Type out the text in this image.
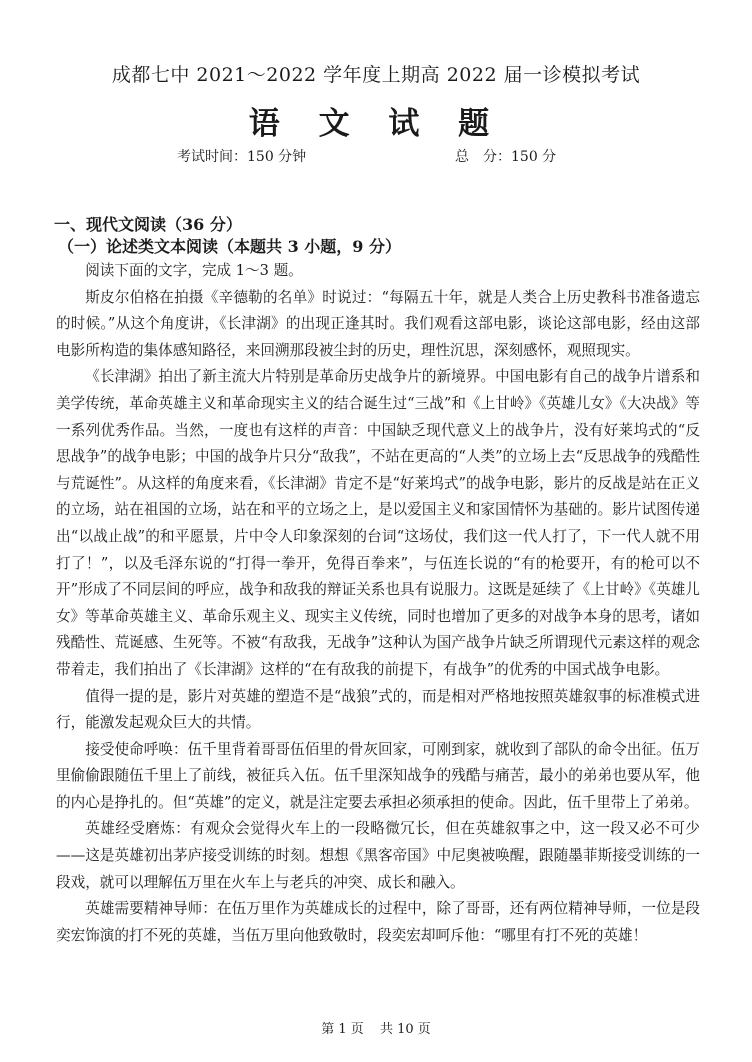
成都七中 2021～2022 学年度上期高 2022 届一诊模拟考试
语 文 试 题
考试时间：150 分钟	总　分：150 分
一、现代文阅读（36 分）
（一）论述类文本阅读（本题共 3 小题，9 分）

阅读下面的文字，完成 1～3 题。

斯皮尔伯格在拍摄《辛德勒的名单》时说过：“每隔五十年，就是人类合上历史教科书准备遗忘的时候。”从这个角度讲，《长津湖》的出现正逢其时。我们观看这部电影，谈论这部电影，经由这部电影所构造的集体感知路径，来回溯那段被尘封的历史，理性沉思，深刻感怀，观照现实。

《长津湖》拍出了新主流大片特别是革命历史战争片的新境界。中国电影有自己的战争片谱系和美学传统，革命英雄主义和革命现实主义的结合诞生过“三战”和《上甘岭》《英雄儿女》《大决战》等一系列优秀作品。当然，一度也有这样的声音：中国缺乏现代意义上的战争片，没有好莱坞式的“反思战争”的战争电影；中国的战争片只分“敌我”，不站在更高的“人类”的立场上去“反思战争的残酷性与荒诞性”。从这样的角度来看，《长津湖》肯定不是“好莱坞式”的战争电影，影片的反战是站在正义的立场，站在祖国的立场，站在和平的立场之上，是以爱国主义和家国情怀为基础的。影片试图传递出“以战止战”的和平愿景，片中令人印象深刻的台词“这场仗，我们这一代人打了，下一代人就不用打了！”，以及毛泽东说的“打得一拳开，免得百拳来”，与伍连长说的“有的枪要开，有的枪可以不开”形成了不同层间的呼应，战争和敌我的辩证关系也具有说服力。这既是延续了《上甘岭》《英雄儿女》等革命英雄主义、革命乐观主义、现实主义传统，同时也增加了更多的对战争本身的思考，诸如残酷性、荒诞感、生死等。不被“有敌我，无战争”这种认为国产战争片缺乏所谓现代元素这样的观念带着走，我们拍出了《长津湖》这样的“在有敌我的前提下，有战争”的优秀的中国式战争电影。

值得一提的是，影片对英雄的塑造不是“战狼”式的，而是相对严格地按照英雄叙事的标准模式进行，能激发起观众巨大的共情。

接受使命呼唤：伍千里背着哥哥伍佰里的骨灰回家，可刚到家，就收到了部队的命令出征。伍万里偷偷跟随伍千里上了前线，被征兵入伍。伍千里深知战争的残酷与痛苦，最小的弟弟也要从军，他的内心是挣扎的。但“英雄”的定义，就是注定要去承担必须承担的使命。因此，伍千里带上了弟弟。

英雄经受磨炼：有观众会觉得火车上的一段略微冗长，但在英雄叙事之中，这一段又必不可少——这是英雄初出茅庐接受训练的时刻。想想《黑客帝国》中尼奥被唤醒，跟随墨菲斯接受训练的一段戏，就可以理解伍万里在火车上与老兵的冲突、成长和融入。

英雄需要精神导师：在伍万里作为英雄成长的过程中，除了哥哥，还有两位精神导师，一位是段奕宏饰演的打不死的英雄，当伍万里向他致敬时，段奕宏却呵斥他：“哪里有打不死的英雄！

第 1 页 共 10 页
